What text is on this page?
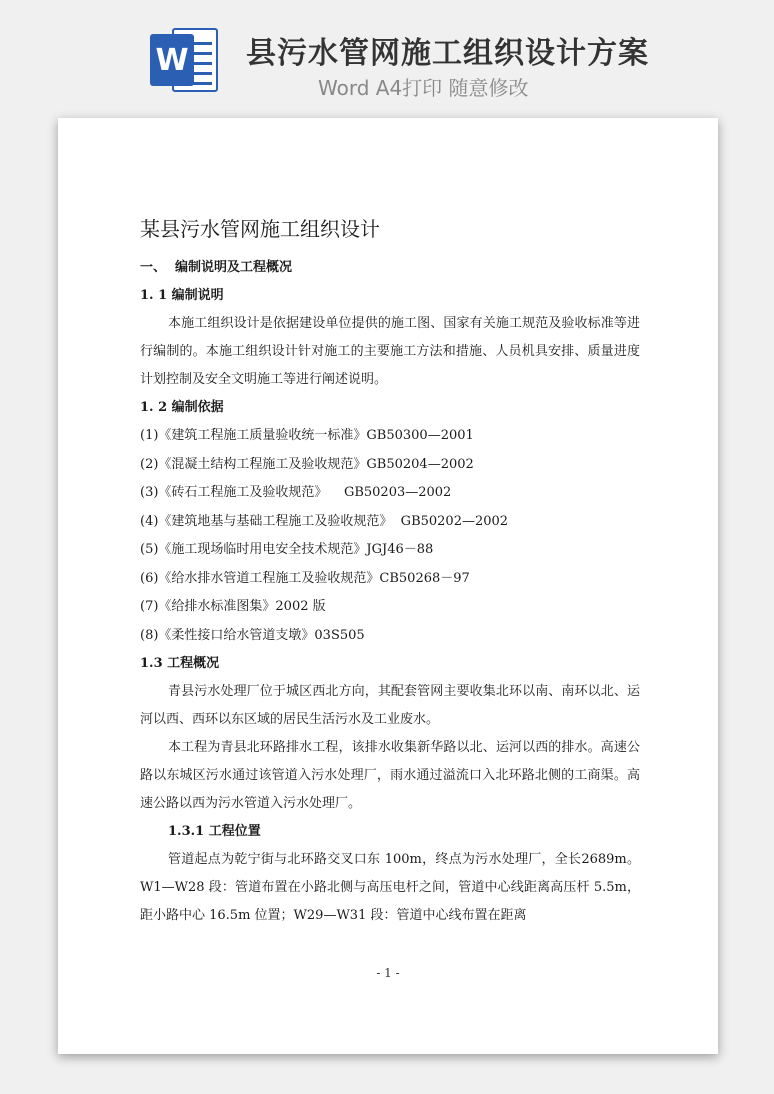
W 县污水管网施工组织设计方案
Word A4打印 随意修改
某县污水管网施工组织设计
一、  编制说明及工程概况
1. 1 编制说明
本施工组织设计是依据建设单位提供的施工图、国家有关施工规范及验收标准等进行编制的。本施工组织设计针对施工的主要施工方法和措施、人员机具安排、质量进度计划控制及安全文明施工等进行阐述说明。
1. 2 编制依据
(1)《建筑工程施工质量验收统一标准》GB50300—2001
(2)《混凝土结构工程施工及验收规范》GB50204—2002
(3)《砖石工程施工及验收规范》    GB50203—2002
(4)《建筑地基与基础工程施工及验收规范》  GB50202—2002
(5)《施工现场临时用电安全技术规范》JGJ46－88
(6)《给水排水管道工程施工及验收规范》CB50268－97
(7)《给排水标准图集》2002 版
(8)《柔性接口给水管道支墩》03S505
1.3 工程概况
青县污水处理厂位于城区西北方向，其配套管网主要收集北环以南、南环以北、运河以西、西环以东区域的居民生活污水及工业废水。
本工程为青县北环路排水工程，该排水收集新华路以北、运河以西的排水。高速公路以东城区污水通过该管道入污水处理厂，雨水通过溢流口入北环路北侧的工商渠。高速公路以西为污水管道入污水处理厂。
1.3.1 工程位置
管道起点为乾宁街与北环路交叉口东 100m，终点为污水处理厂，全长2689m。W1—W28 段：管道布置在小路北侧与高压电杆之间，管道中心线距离高压杆 5.5m，距小路中心 16.5m 位置；W29—W31 段：管道中心线布置在距离
- 1 -
